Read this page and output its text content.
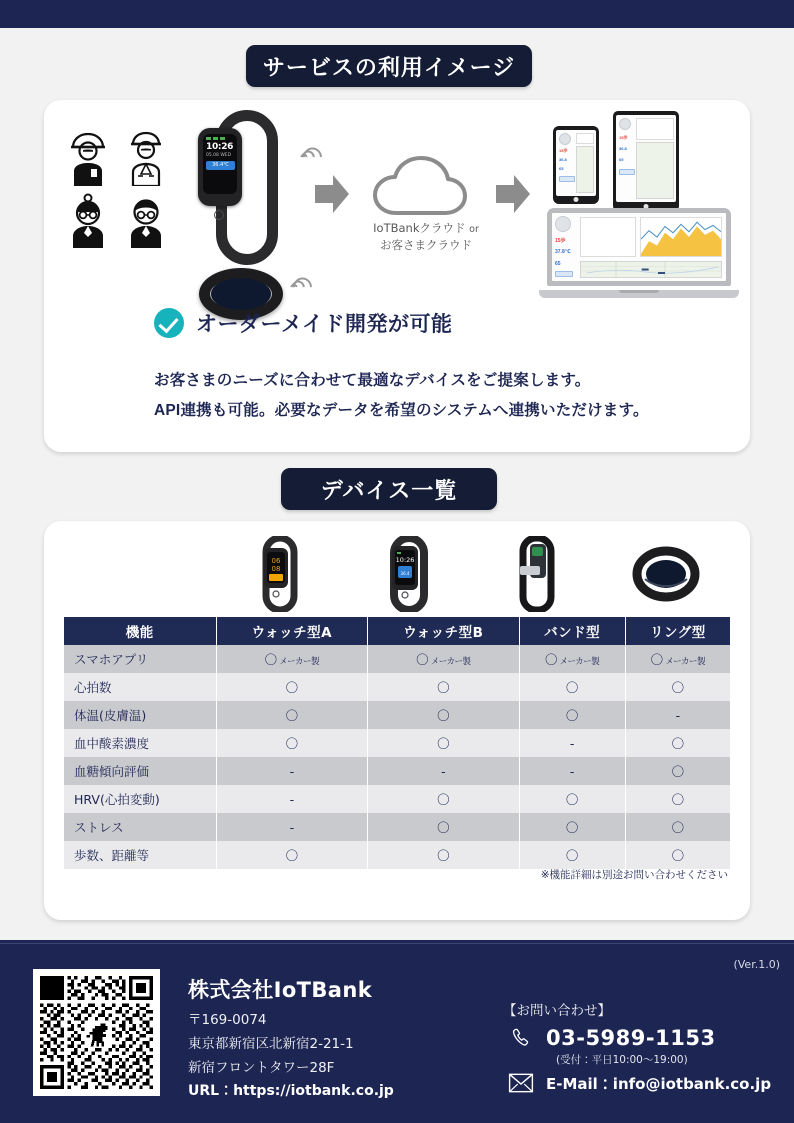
サービスの利用イメージ
10:26
05.08 WED
36.4℃
IoTBankクラウド or
お客さまクラウド
15歩
36.8
65
15歩
36.8
65
15歩
37.8℃
65
オーダーメイド開発が可能
お客さまのニーズに合わせて最適なデバイスをご提案します。
API連携も可能。必要なデータを希望のシステムへ連携いただけます。
デバイス一覧
06
08
10:26
36.4
機能	ウォッチ型A	ウォッチ型B	バンド型	リング型
スマホアプリ	〇 メーカー製	〇 メーカー製	〇 メーカー製	〇 メーカー製
心拍数	〇	〇	〇	〇
体温(皮膚温)	〇	〇	〇	-
血中酸素濃度	〇	〇	-	〇
血糖傾向評価	-	-	-	〇
HRV(心拍変動)	-	〇	〇	〇
ストレス	-	〇	〇	〇
歩数、距離等	〇	〇	〇	〇
※機能詳細は別途お問い合わせください
(Ver.1.0)
株式会社IoTBank
〒169-0074
東京都新宿区北新宿2-21-1
新宿フロントタワー28F
URL：https://iotbank.co.jp
【お問い合わせ】
03-5989-1153
(受付：平日10:00～19:00)
E-Mail：info@iotbank.co.jp
